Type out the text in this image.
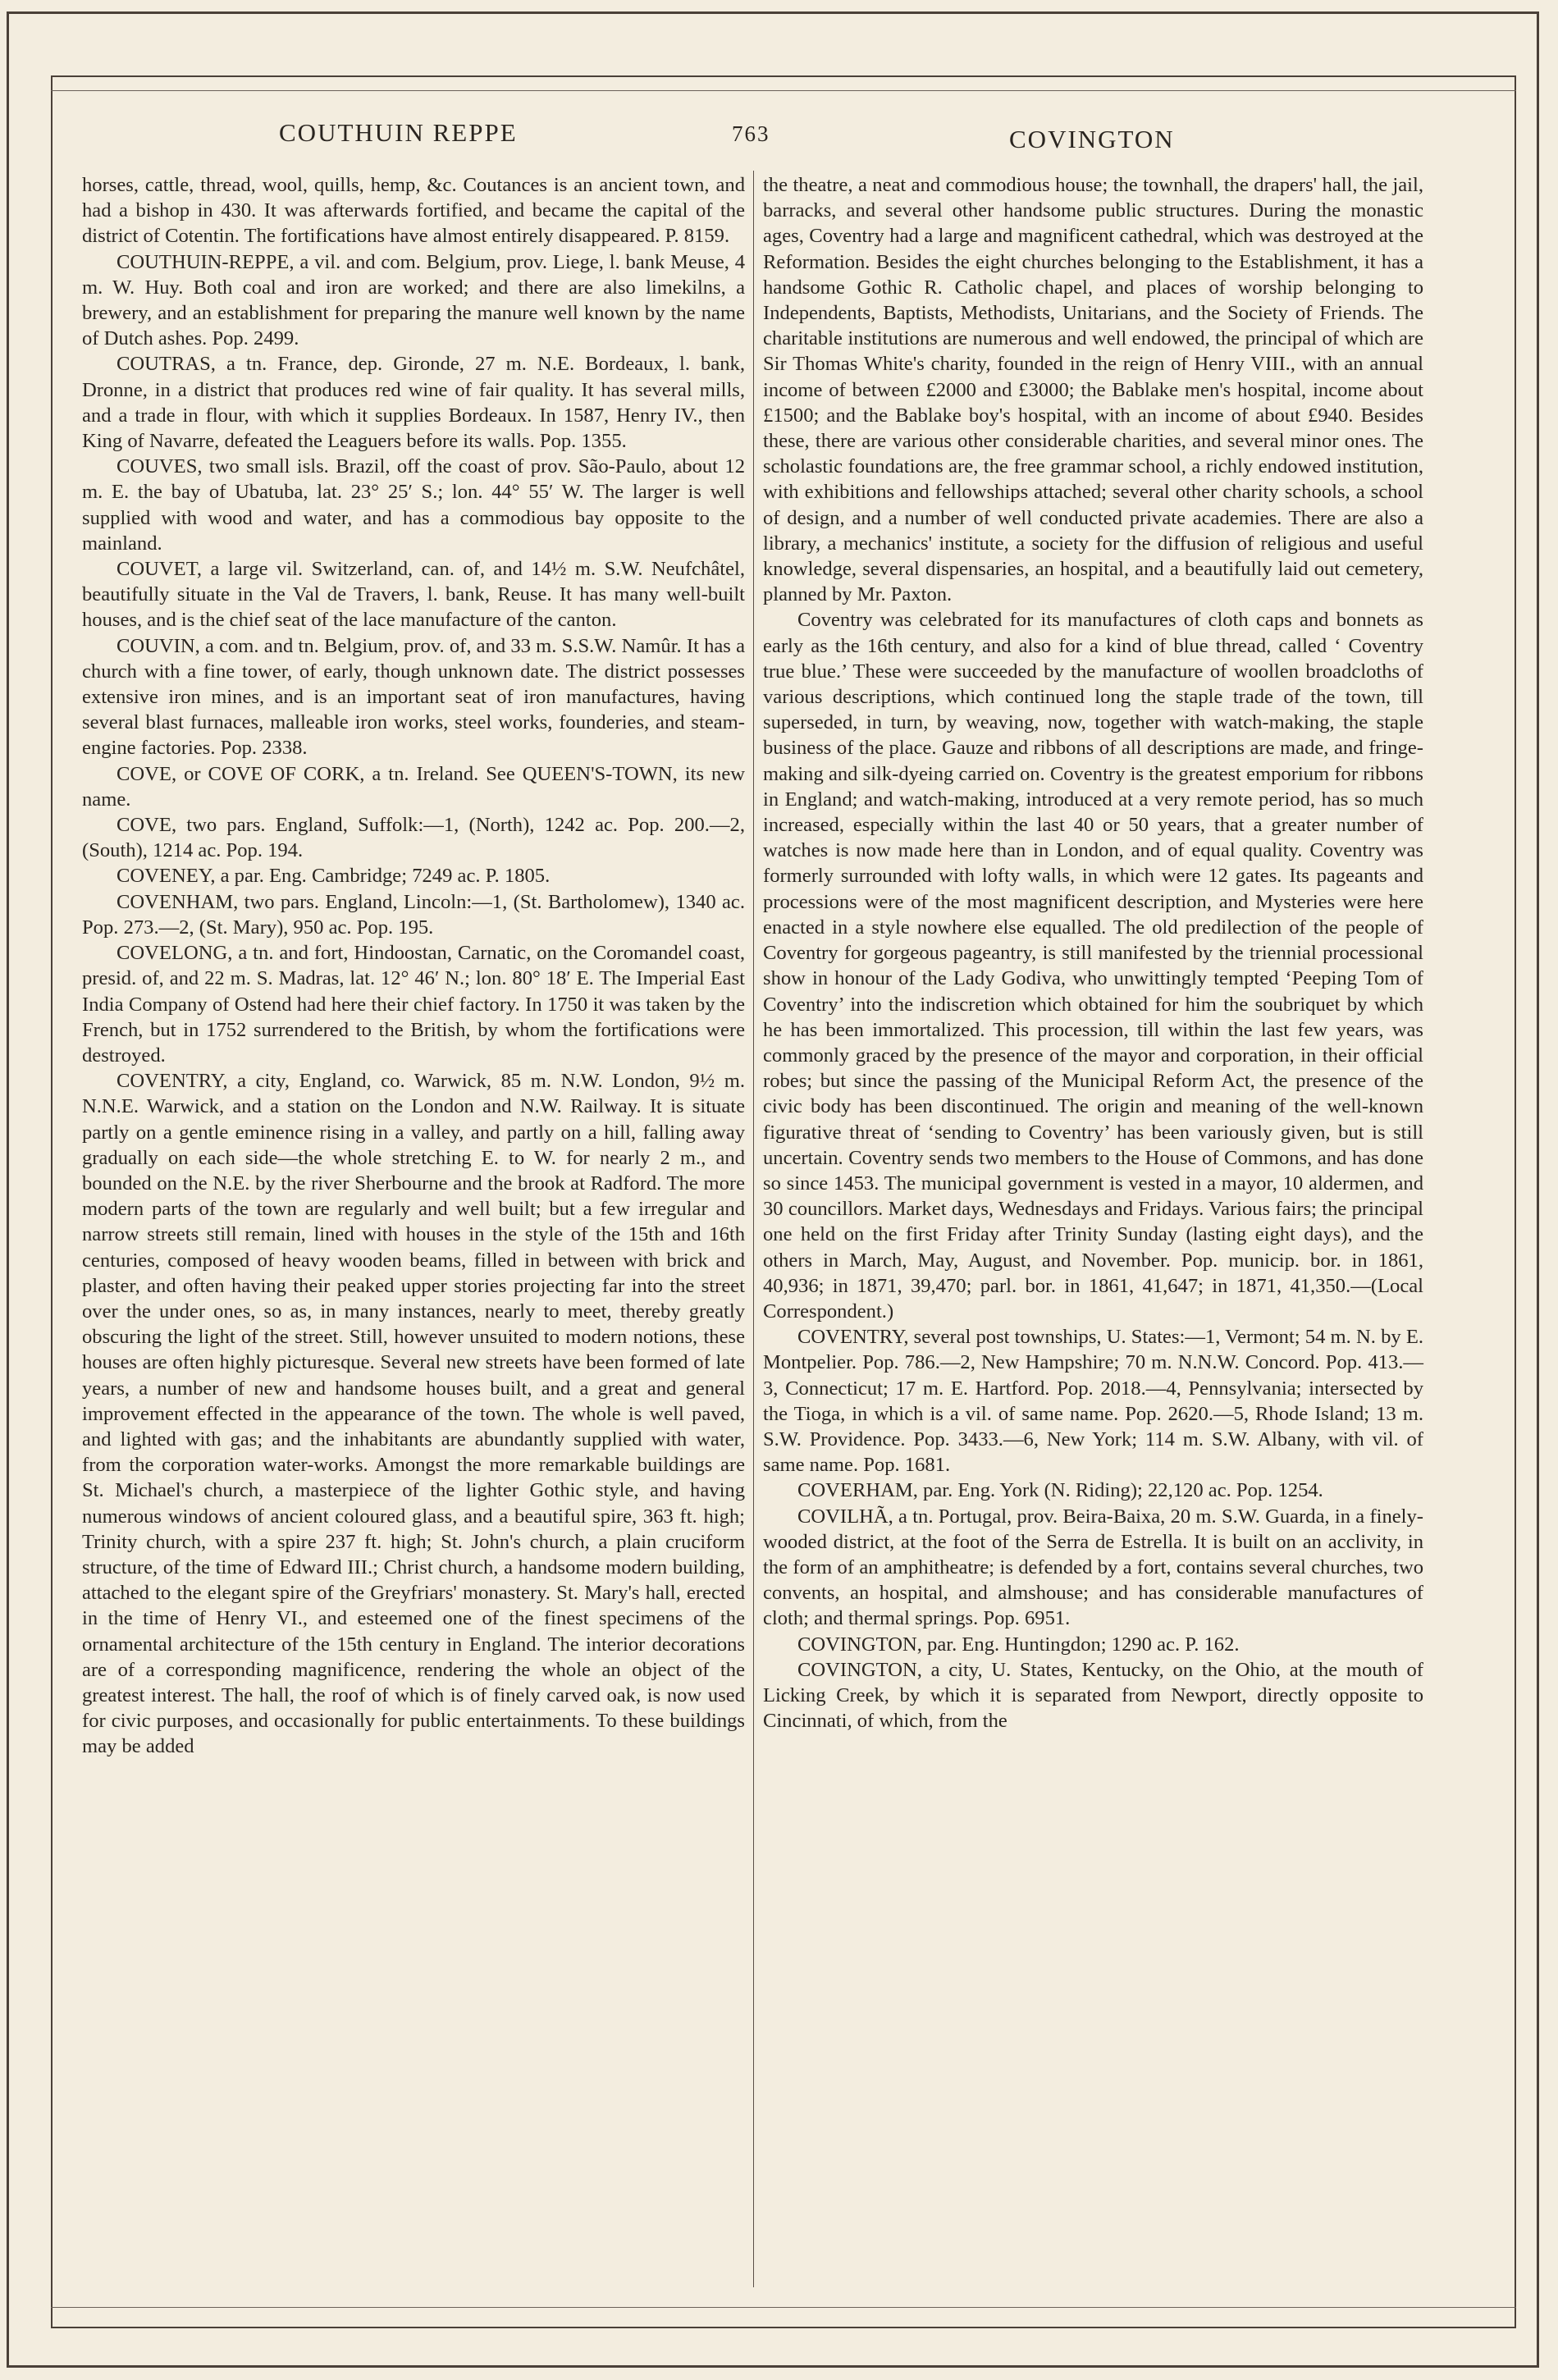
COUTHUIN REPPE	763	COVINGTON

horses, cattle, thread, wool, quills, hemp, &c. Coutances is an ancient town, and had a bishop in 430. It was afterwards fortified, and became the capital of the district of Cotentin. The fortifications have almost entirely disappeared. P. 8159.

COUTHUIN-REPPE, a vil. and com. Belgium, prov. Liege, l. bank Meuse, 4 m. W. Huy. Both coal and iron are worked; and there are also limekilns, a brewery, and an establishment for preparing the manure well known by the name of Dutch ashes. Pop. 2499.

COUTRAS, a tn. France, dep. Gironde, 27 m. N.E. Bordeaux, l. bank, Dronne, in a district that produces red wine of fair quality. It has several mills, and a trade in flour, with which it supplies Bordeaux. In 1587, Henry IV., then King of Navarre, defeated the Leaguers before its walls. Pop. 1355.

COUVES, two small isls. Brazil, off the coast of prov. São-Paulo, about 12 m. E. the bay of Ubatuba, lat. 23° 25′ S.; lon. 44° 55′ W. The larger is well supplied with wood and water, and has a commodious bay opposite to the mainland.

COUVET, a large vil. Switzerland, can. of, and 14½ m. S.W. Neufchâtel, beautifully situate in the Val de Travers, l. bank, Reuse. It has many well-built houses, and is the chief seat of the lace manufacture of the canton.

COUVIN, a com. and tn. Belgium, prov. of, and 33 m. S.S.W. Namûr. It has a church with a fine tower, of early, though unknown date. The district possesses extensive iron mines, and is an important seat of iron manufactures, having several blast furnaces, malleable iron works, steel works, founderies, and steam-engine factories. Pop. 2338.

COVE, or COVE OF CORK, a tn. Ireland. See QUEEN'S-TOWN, its new name.

COVE, two pars. England, Suffolk:—1, (North), 1242 ac. Pop. 200.—2, (South), 1214 ac. Pop. 194.

COVENEY, a par. Eng. Cambridge; 7249 ac. P. 1805.

COVENHAM, two pars. England, Lincoln:—1, (St. Bartholomew), 1340 ac. Pop. 273.—2, (St. Mary), 950 ac. Pop. 195.

COVELONG, a tn. and fort, Hindoostan, Carnatic, on the Coromandel coast, presid. of, and 22 m. S. Madras, lat. 12° 46′ N.; lon. 80° 18′ E. The Imperial East India Company of Ostend had here their chief factory. In 1750 it was taken by the French, but in 1752 surrendered to the British, by whom the fortifications were destroyed.

COVENTRY, a city, England, co. Warwick, 85 m. N.W. London, 9½ m. N.N.E. Warwick, and a station on the London and N.W. Railway. It is situate partly on a gentle eminence rising in a valley, and partly on a hill, falling away gradually on each side—the whole stretching E. to W. for nearly 2 m., and bounded on the N.E. by the river Sherbourne and the brook at Radford. The more modern parts of the town are regularly and well built; but a few irregular and narrow streets still remain, lined with houses in the style of the 15th and 16th centuries, composed of heavy wooden beams, filled in between with brick and plaster, and often having their peaked upper stories projecting far into the street over the under ones, so as, in many instances, nearly to meet, thereby greatly obscuring the light of the street. Still, however unsuited to modern notions, these houses are often highly picturesque. Several new streets have been formed of late years, a number of new and handsome houses built, and a great and general improvement effected in the appearance of the town. The whole is well paved, and lighted with gas; and the inhabitants are abundantly supplied with water, from the corporation water-works. Amongst the more remarkable buildings are St. Michael's church, a masterpiece of the lighter Gothic style, and having numerous windows of ancient coloured glass, and a beautiful spire, 363 ft. high; Trinity church, with a spire 237 ft. high; St. John's church, a plain cruciform structure, of the time of Edward III.; Christ church, a handsome modern building, attached to the elegant spire of the Greyfriars' monastery. St. Mary's hall, erected in the time of Henry VI., and esteemed one of the finest specimens of the ornamental architecture of the 15th century in England. The interior decorations are of a corresponding magnificence, rendering the whole an object of the greatest interest. The hall, the roof of which is of finely carved oak, is now used for civic purposes, and occasionally for public entertainments. To these buildings may be added

the theatre, a neat and commodious house; the townhall, the drapers' hall, the jail, barracks, and several other handsome public structures. During the monastic ages, Coventry had a large and magnificent cathedral, which was destroyed at the Reformation. Besides the eight churches belonging to the Establishment, it has a handsome Gothic R. Catholic chapel, and places of worship belonging to Independents, Baptists, Methodists, Unitarians, and the Society of Friends. The charitable institutions are numerous and well endowed, the principal of which are Sir Thomas White's charity, founded in the reign of Henry VIII., with an annual income of between £2000 and £3000; the Bablake men's hospital, income about £1500; and the Bablake boy's hospital, with an income of about £940. Besides these, there are various other considerable charities, and several minor ones. The scholastic foundations are, the free grammar school, a richly endowed institution, with exhibitions and fellowships attached; several other charity schools, a school of design, and a number of well conducted private academies. There are also a library, a mechanics' institute, a society for the diffusion of religious and useful knowledge, several dispensaries, an hospital, and a beautifully laid out cemetery, planned by Mr. Paxton.

Coventry was celebrated for its manufactures of cloth caps and bonnets as early as the 16th century, and also for a kind of blue thread, called ‘ Coventry true blue.’ These were succeeded by the manufacture of woollen broadcloths of various descriptions, which continued long the staple trade of the town, till superseded, in turn, by weaving, now, together with watch-making, the staple business of the place. Gauze and ribbons of all descriptions are made, and fringe-making and silk-dyeing carried on. Coventry is the greatest emporium for ribbons in England; and watch-making, introduced at a very remote period, has so much increased, especially within the last 40 or 50 years, that a greater number of watches is now made here than in London, and of equal quality. Coventry was formerly surrounded with lofty walls, in which were 12 gates. Its pageants and processions were of the most magnificent description, and Mysteries were here enacted in a style nowhere else equalled. The old predilection of the people of Coventry for gorgeous pageantry, is still manifested by the triennial processional show in honour of the Lady Godiva, who unwittingly tempted ‘Peeping Tom of Coventry’ into the indiscretion which obtained for him the soubriquet by which he has been immortalized. This procession, till within the last few years, was commonly graced by the presence of the mayor and corporation, in their official robes; but since the passing of the Municipal Reform Act, the presence of the civic body has been discontinued. The origin and meaning of the well-known figurative threat of ‘sending to Coventry’ has been variously given, but is still uncertain. Coventry sends two members to the House of Commons, and has done so since 1453. The municipal government is vested in a mayor, 10 aldermen, and 30 councillors. Market days, Wednesdays and Fridays. Various fairs; the principal one held on the first Friday after Trinity Sunday (lasting eight days), and the others in March, May, August, and November. Pop. municip. bor. in 1861, 40,936; in 1871, 39,470; parl. bor. in 1861, 41,647; in 1871, 41,350.—(Local Correspondent.)

COVENTRY, several post townships, U. States:—1, Vermont; 54 m. N. by E. Montpelier. Pop. 786.—2, New Hampshire; 70 m. N.N.W. Concord. Pop. 413.—3, Connecticut; 17 m. E. Hartford. Pop. 2018.—4, Pennsylvania; intersected by the Tioga, in which is a vil. of same name. Pop. 2620.—5, Rhode Island; 13 m. S.W. Providence. Pop. 3433.—6, New York; 114 m. S.W. Albany, with vil. of same name. Pop. 1681.

COVERHAM, par. Eng. York (N. Riding); 22,120 ac. Pop. 1254.

COVILHÃ, a tn. Portugal, prov. Beira-Baixa, 20 m. S.W. Guarda, in a finely-wooded district, at the foot of the Serra de Estrella. It is built on an acclivity, in the form of an amphitheatre; is defended by a fort, contains several churches, two convents, an hospital, and almshouse; and has considerable manufactures of cloth; and thermal springs. Pop. 6951.

COVINGTON, par. Eng. Huntingdon; 1290 ac. P. 162.

COVINGTON, a city, U. States, Kentucky, on the Ohio, at the mouth of Licking Creek, by which it is separated from Newport, directly opposite to Cincinnati, of which, from the
